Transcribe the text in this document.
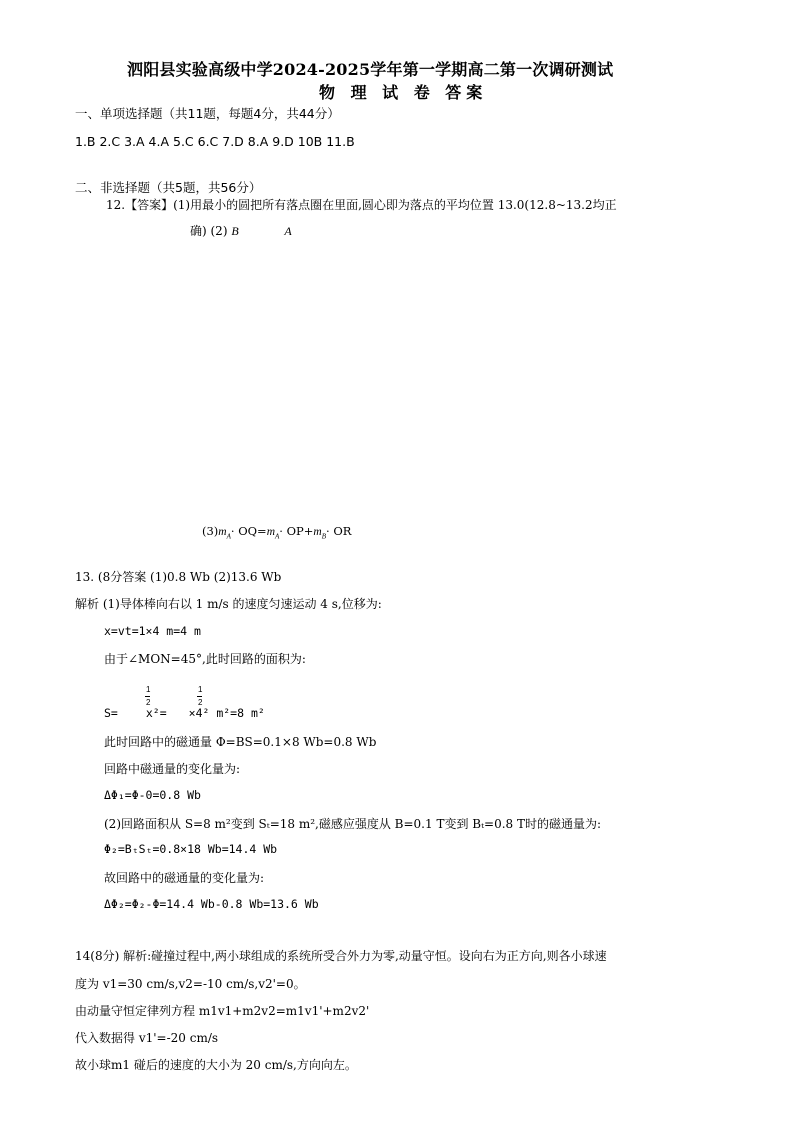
泗阳县实验高级中学2024-2025学年第一学期高二第一次调研测试
物 理 试 卷 答案
一、单项选择题（共11题，每题4分，共44分）
1.B 2.C 3.A 4.A 5.C 6.C 7.D 8.A 9.D 10B 11.B
二、非选择题（共5题，共56分）
12.【答案】(1)用最小的圆把所有落点圈在里面,圆心即为落点的平均位置 13.0(12.8~13.2均正
确) (2) B	A
$(3)m_A\cdot OQ=m_A\cdot OP+m_B\cdot$ OR
13. (8分答案 (1)0.8 Wb (2)13.6 Wb
解析 (1)导体棒向右以 1 m/s 的速度匀速运动 4 s,位移为:
x=vt=1×4 m=4 m
由于∠MON=45°,此时回路的面积为:
S= x²= ×4² m²=8 m²
1
2
1
2
此时回路中的磁通量 Φ=BS=0.1×8 Wb=0.8 Wb
回路中磁通量的变化量为:
ΔΦ₁=Φ-0=0.8 Wb
(2)回路面积从 S=8 m²变到 Sₜ=18 m²,磁感应强度从 B=0.1 T变到 Bₜ=0.8 T时的磁通量为:
Φ₂=BₜSₜ=0.8×18 Wb=14.4 Wb
故回路中的磁通量的变化量为:
ΔΦ₂=Φ₂-Φ=14.4 Wb-0.8 Wb=13.6 Wb
14(8分) 解析:碰撞过程中,两小球组成的系统所受合外力为零,动量守恒。设向右为正方向,则各小球速
度为 v1=30 cm/s,v2=-10 cm/s,v2'=0。
由动量守恒定律列方程 m1v1+m2v2=m1v1'+m2v2'
代入数据得 v1'=-20 cm/s
故小球m1 碰后的速度的大小为 20 cm/s,方向向左。
